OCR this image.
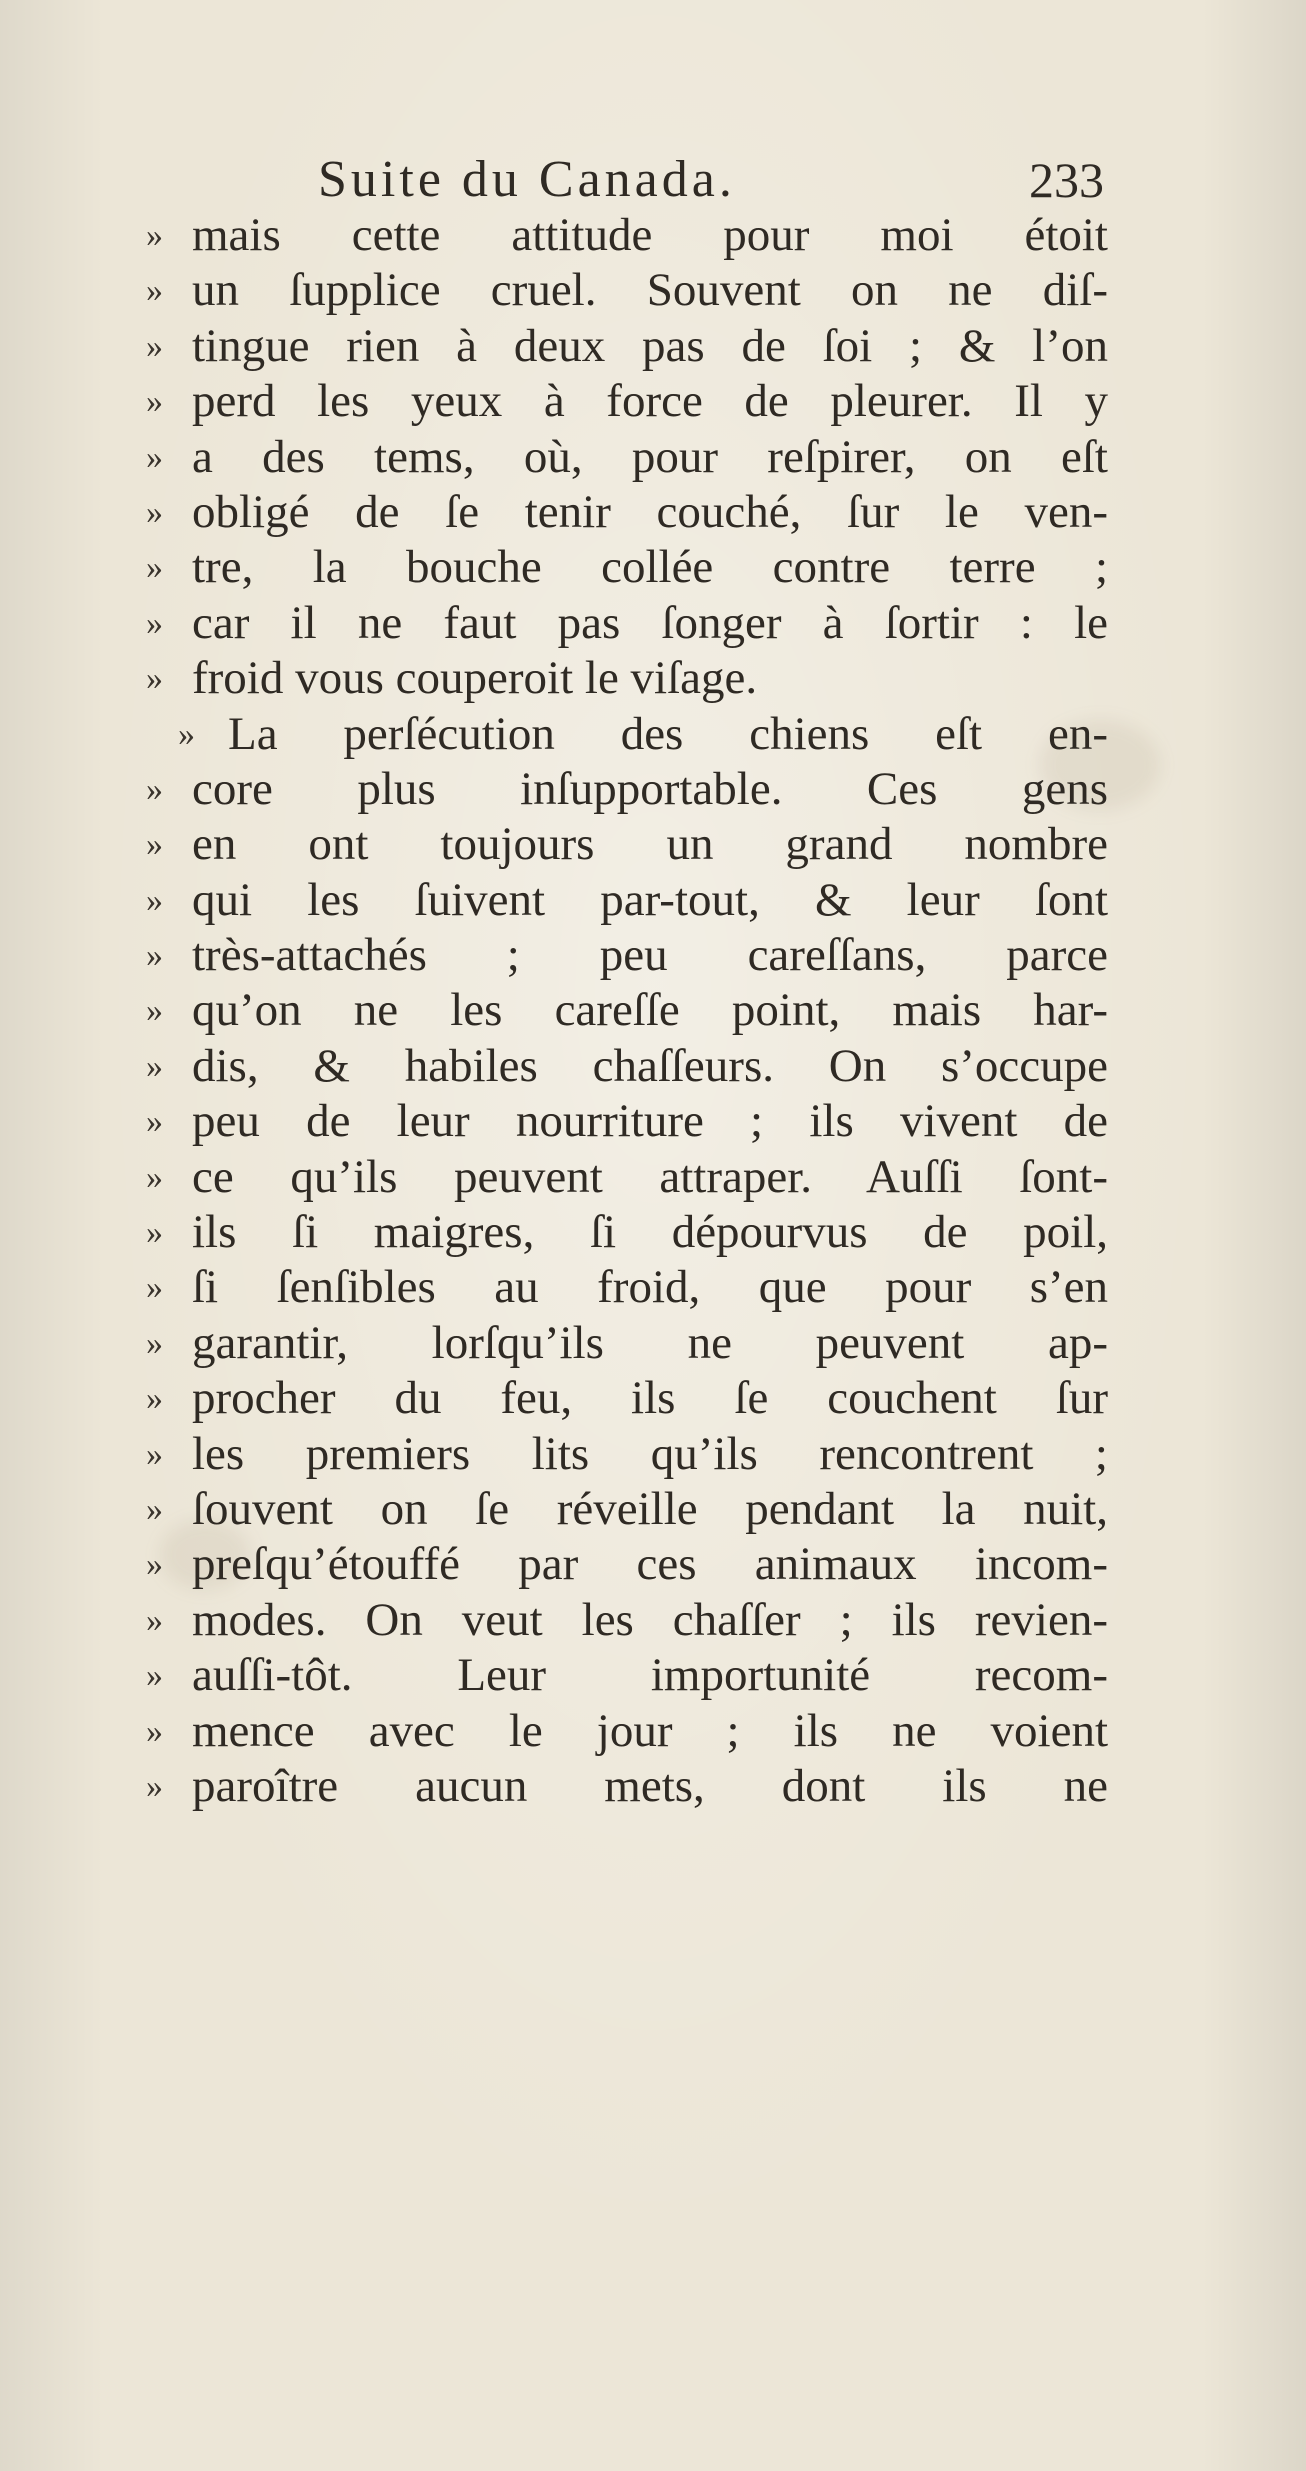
Suite du Canada.	233
» mais cette attitude pour moi étoit
» un ſupplice cruel. Souvent on ne diſ-
» tingue rien à deux pas de ſoi ; & l’on
» perd les yeux à force de pleurer. Il y
» a des tems, où, pour reſpirer, on eſt
» obligé de ſe tenir couché, ſur le ven-
» tre, la bouche collée contre terre ;
» car il ne faut pas ſonger à ſortir : le
» froid vous couperoit le viſage.
» La perſécution des chiens eſt en-
» core plus inſupportable. Ces gens
» en ont toujours un grand nombre
» qui les ſuivent par-tout, & leur ſont
» très-attachés ; peu careſſans, parce
» qu’on ne les careſſe point, mais har-
» dis, & habiles chaſſeurs. On s’occupe
» peu de leur nourriture ; ils vivent de
» ce qu’ils peuvent attraper. Auſſi ſont-
» ils ſi maigres, ſi dépourvus de poil,
» ſi ſenſibles au froid, que pour s’en
» garantir, lorſqu’ils ne peuvent ap-
» procher du feu, ils ſe couchent ſur
» les premiers lits qu’ils rencontrent ;
» ſouvent on ſe réveille pendant la nuit,
» preſqu’étouffé par ces animaux incom-
» modes. On veut les chaſſer ; ils revien-
» auſſi-tôt. Leur importunité recom-
» mence avec le jour ; ils ne voient
» paroître aucun mets, dont ils ne
